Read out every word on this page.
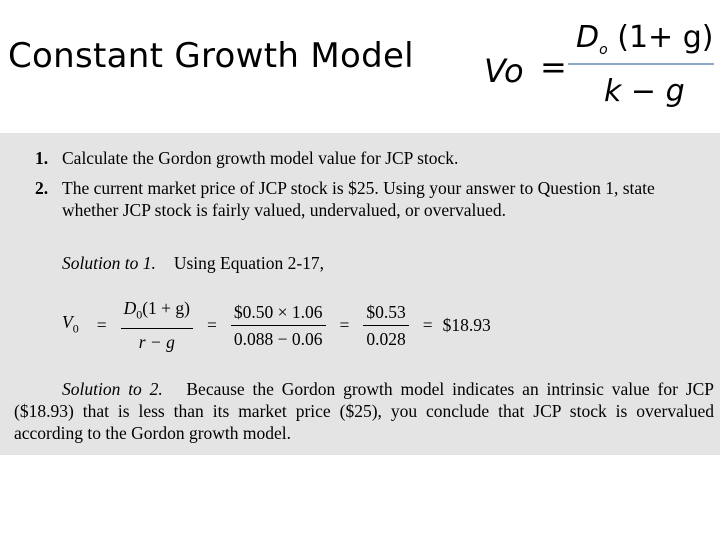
Constant Growth Model Vo =
$D_o$ (1+ g)
k − g
1. Calculate the Gordon growth model value for JCP stock.
2. The current market price of JCP stock is $25. Using your answer to Question 1, state whether JCP stock is fairly valued, undervalued, or overvalued.
Solution to 1. Using Equation 2-17,
$V_0 = \frac{D_0(1 + g)}{r - g} = \frac{\$0.50 \times 1.06}{0.088 - 0.06} = \frac{\$0.53}{0.028}$ = $18.93
Solution to 2. Because the Gordon growth model indicates an intrinsic value for JCP ($18.93) that is less than its market price ($25), you conclude that JCP stock is overvalued according to the Gordon growth model.
